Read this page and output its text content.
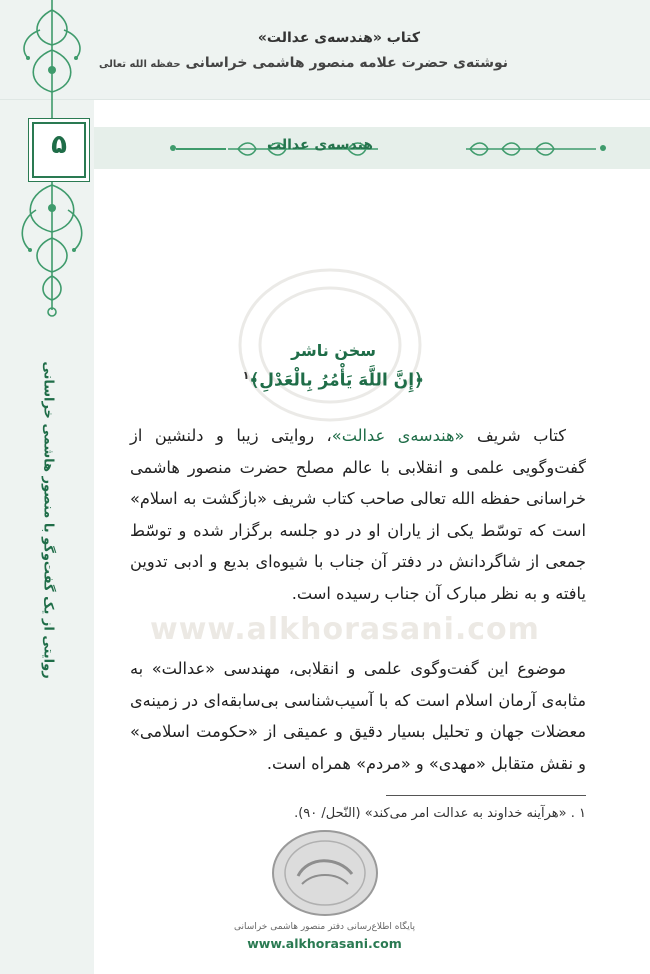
کتاب «هندسه‌ی عدالت»
نوشته‌ی حضرت علامه منصور هاشمی خراسانی حفظه الله تعالی
۵	هندسه‌ی عدالت
روایتی از یک گفت‌وگو با منصور هاشمی خراسانی	www.alkhorasani.com
سخن ناشر
﴿إِنَّ اللَّهَ يَأْمُرُ بِالْعَدْلِ﴾$^۱$
کتاب شریف «هندسه‌ی عدالت»، روایتی زیبا و دلنشین از گفت‌وگویی علمی و انقلابی با عالم مصلح حضرت منصور هاشمی خراسانی حفظه الله تعالی صاحب کتاب شریف «بازگشت به اسلام» است که توسّط یکی از یاران او در دو جلسه برگزار شده و توسّط جمعی از شاگردانش در دفتر آن جناب با شیوه‌ای بدیع و ادبی تدوین یافته و به نظر مبارک آن جناب رسیده است.
موضوع این گفت‌وگوی علمی و انقلابی، مهندسی «عدالت» به مثابه‌ی آرمان اسلام است که با آسیب‌شناسی بی‌سابقه‌ای در زمینه‌ی معضلات جهان و تحلیل بسیار دقیق و عمیقی از «حکومت اسلامی» و نقش متقابل «مهدی» و «مردم» همراه است.
۱ . «هرآینه خداوند به عدالت امر می‌کند» (النّحل/ ۹۰).
پایگاه اطلاع‌رسانی دفتر منصور هاشمی خراسانی
www.alkhorasani.com
